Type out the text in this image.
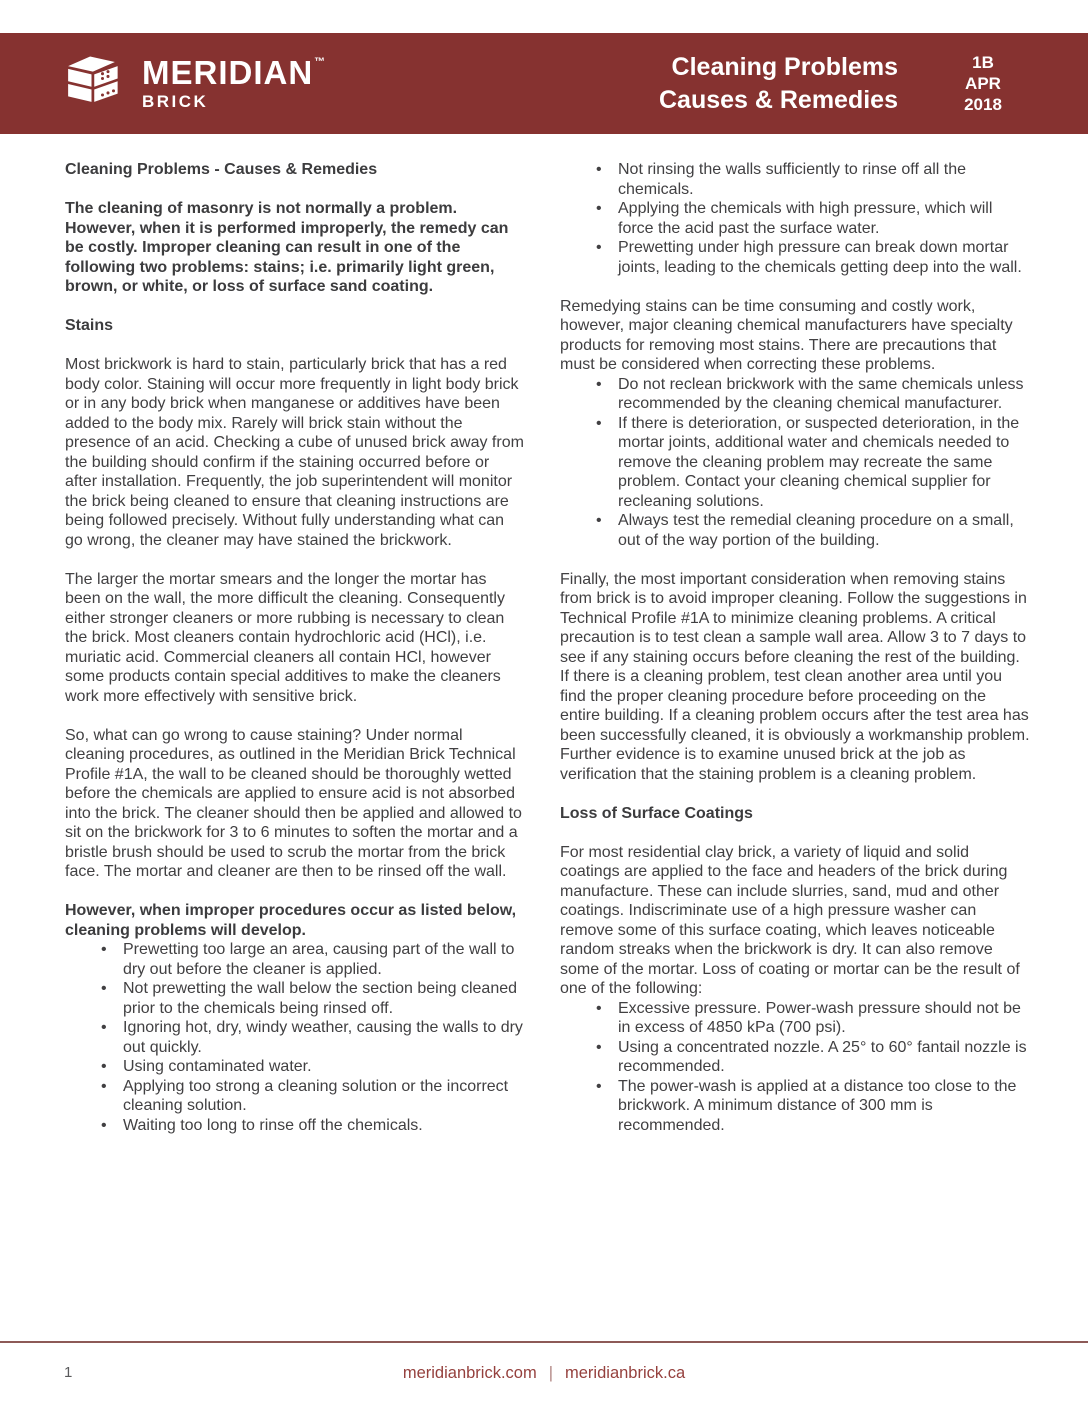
MERIDIAN ™
BRICK
Cleaning Problems
Causes & Remedies
1B
APR
2018
Cleaning Problems - Causes & Remedies

The cleaning of masonry is not normally a problem. However, when it is performed improperly, the remedy can be costly. Improper cleaning can result in one of the following two problems: stains; i.e. primarily light green, brown, or white, or loss of surface sand coating.

Stains

Most brickwork is hard to stain, particularly brick that has a red body color. Staining will occur more frequently in light body brick or in any body brick when manganese or additives have been added to the body mix. Rarely will brick stain without the presence of an acid. Checking a cube of unused brick away from the building should confirm if the staining occurred before or after installation. Frequently, the job superintendent will monitor the brick being cleaned to ensure that cleaning instructions are being followed precisely. Without fully understanding what can go wrong, the cleaner may have stained the brickwork.

The larger the mortar smears and the longer the mortar has been on the wall, the more difficult the cleaning. Consequently either stronger cleaners or more rubbing is necessary to clean the brick. Most cleaners contain hydrochloric acid (HCl), i.e. muriatic acid. Commercial cleaners all contain HCl, however some products contain special additives to make the cleaners work more effectively with sensitive brick.

So, what can go wrong to cause staining? Under normal cleaning procedures, as outlined in the Meridian Brick Technical Profile #1A, the wall to be cleaned should be thoroughly wetted before the chemicals are applied to ensure acid is not absorbed into the brick. The cleaner should then be applied and allowed to sit on the brickwork for 3 to 6 minutes to soften the mortar and a bristle brush should be used to scrub the mortar from the brick face. The mortar and cleaner are then to be rinsed off the wall.

However, when improper procedures occur as listed below, cleaning problems will develop.
• Prewetting too large an area, causing part of the wall to dry out before the cleaner is applied.
• Not prewetting the wall below the section being cleaned prior to the chemicals being rinsed off.
• Ignoring hot, dry, windy weather, causing the walls to dry out quickly.
• Using contaminated water.
• Applying too strong a cleaning solution or the incorrect cleaning solution.
• Waiting too long to rinse off the chemicals.
• Not rinsing the walls sufficiently to rinse off all the chemicals.
• Applying the chemicals with high pressure, which will force the acid past the surface water.
• Prewetting under high pressure can break down mortar joints, leading to the chemicals getting deep into the wall.

Remedying stains can be time consuming and costly work, however, major cleaning chemical manufacturers have specialty products for removing most stains. There are precautions that must be considered when correcting these problems.

• Do not reclean brickwork with the same chemicals unless recommended by the cleaning chemical manufacturer.
• If there is deterioration, or suspected deterioration, in the mortar joints, additional water and chemicals needed to remove the cleaning problem may recreate the same problem. Contact your cleaning chemical supplier for recleaning solutions.
• Always test the remedial cleaning procedure on a small, out of the way portion of the building.

Finally, the most important consideration when removing stains from brick is to avoid improper cleaning. Follow the suggestions in Technical Profile #1A to minimize cleaning problems. A critical precaution is to test clean a sample wall area. Allow 3 to 7 days to see if any staining occurs before cleaning the rest of the building. If there is a cleaning problem, test clean another area until you find the proper cleaning procedure before proceeding on the entire building. If a cleaning problem occurs after the test area has been successfully cleaned, it is obviously a workmanship problem. Further evidence is to examine unused brick at the job as verification that the staining problem is a cleaning problem.

Loss of Surface Coatings

For most residential clay brick, a variety of liquid and solid coatings are applied to the face and headers of the brick during manufacture. These can include slurries, sand, mud and other coatings. Indiscriminate use of a high pressure washer can remove some of this surface coating, which leaves noticeable random streaks when the brickwork is dry. It can also remove some of the mortar. Loss of coating or mortar can be the result of one of the following:

• Excessive pressure. Power-wash pressure should not be in excess of 4850 kPa (700 psi).
• Using a concentrated nozzle. A 25° to 60° fantail nozzle is recommended.
• The power-wash is applied at a distance too close to the brickwork. A minimum distance of 300 mm is recommended.
1	meridianbrick.com | meridianbrick.ca
